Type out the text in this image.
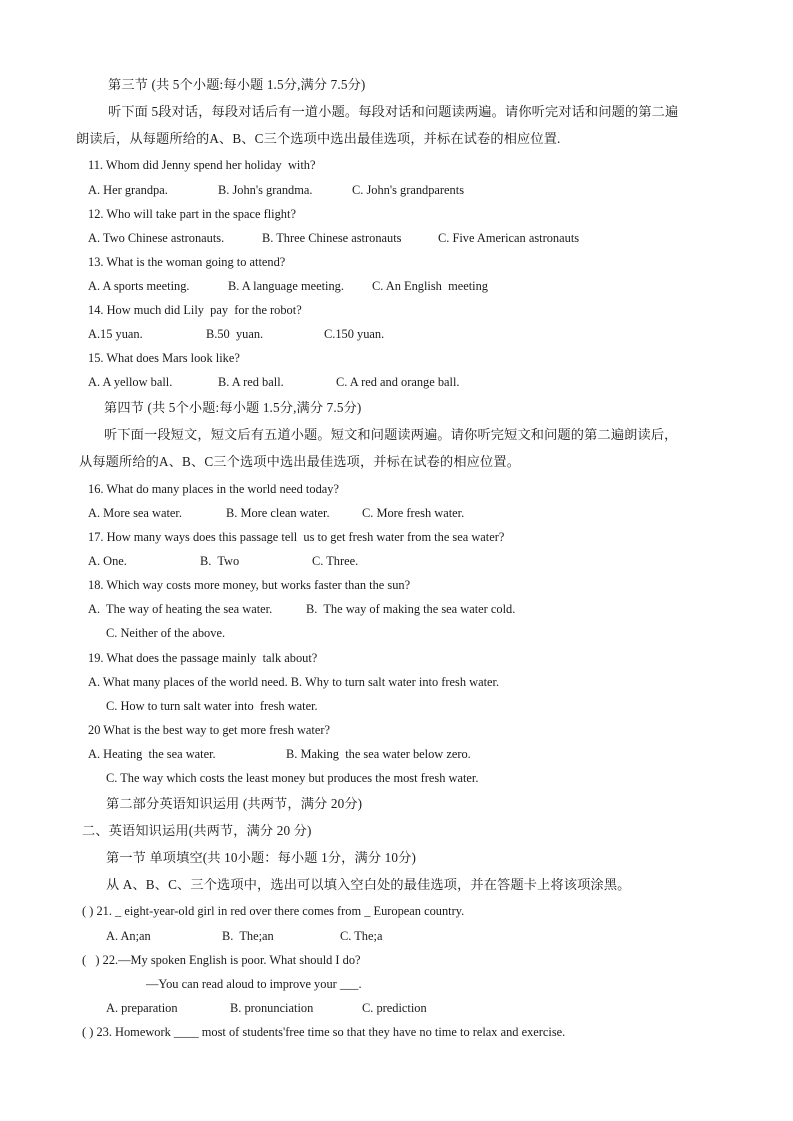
第三节 (共 5个小题:每小题 1.5分,满分 7.5分)
听下面 5段对话，每段对话后有一道小题。每段对话和问题读两遍。请你听完对话和问题的第二遍
朗读后，从每题所给的A、B、C三个选项中选出最佳选项，并标在试卷的相应位置.
11. Whom did Jenny spend her holiday  with?
A. Her grandpa.	B. John's grandma.	C. John's grandparents
12. Who will take part in the space flight?
A. Two Chinese astronauts.	B. Three Chinese astronauts	C. Five American astronauts
13. What is the woman going to attend?
A. A sports meeting.	B. A language meeting. C. An English  meeting
14. How much did Lily  pay  for the robot?
A.15 yuan.	B.50  yuan.	C.150 yuan.
15. What does Mars look like?
A. A yellow ball.	B. A red ball.	C. A red and orange ball.
第四节 (共 5个小题:每小题 1.5分,满分 7.5分)
听下面一段短文，短文后有五道小题。短文和问题读两遍。请你听完短文和问题的第二遍朗读后，
从每题所给的A、B、C三个选项中选出最佳选项，并标在试卷的相应位置。
16. What do many places in the world need today?
A. More sea water.	B. More clean water.	C. More fresh water.
17. How many ways does this passage tell  us to get fresh water from the sea water?
A. One.	B.  Two	C. Three.
18. Which way costs more money, but works faster than the sun?
A.  The way of heating the sea water.	B.  The way of making the sea water cold.
C. Neither of the above.
19. What does the passage mainly  talk about?
A. What many places of the world need. B. Why to turn salt water into fresh water.
C. How to turn salt water into  fresh water.
20 What is the best way to get more fresh water?
A. Heating  the sea water.	B. Making  the sea water below zero.
C. The way which costs the least money but produces the most fresh water.
第二部分英语知识运用 (共两节，满分 20分)
二、英语知识运用(共两节，满分 20 分)
第一节 单项填空(共 10小题：每小题 1分，满分 10分)
从 A、B、C、三个选项中，选出可以填入空白处的最佳选项，并在答题卡上将该项涂黑。
( ) 21. _ eight-year-old girl in red over there comes from _ European country.
A. An;an	B.  The;an	C. The;a
(   ) 22.—My spoken English is poor. What should I do?
—You can read aloud to improve your ___.
A. preparation	B. pronunciation	C. prediction
( ) 23. Homework ____ most of students'free time so that they have no time to relax and exercise.
